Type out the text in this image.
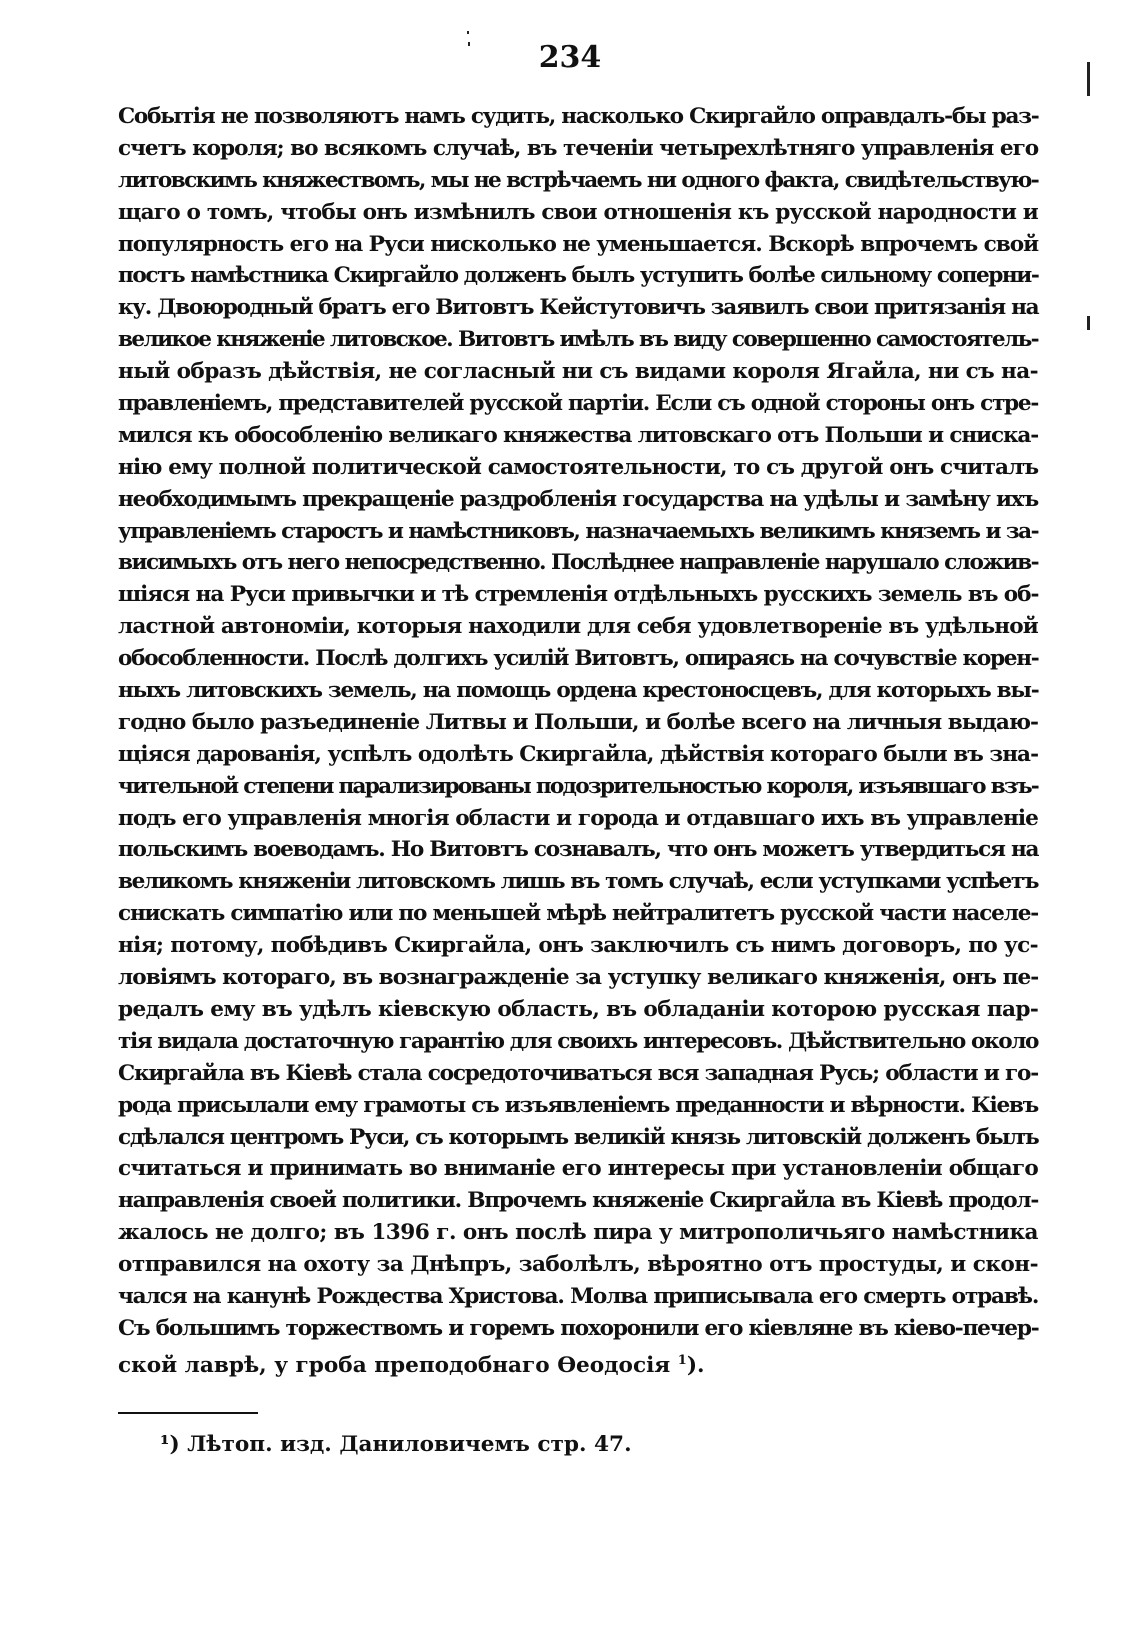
234
Событія не позволяютъ намъ судить, насколько Скиргайло оправдалъ-бы раз-
счетъ короля; во всякомъ случаѣ, въ теченіи четырехлѣтняго управленія его
литовскимъ княжествомъ, мы не встрѣчаемъ ни одного факта, свидѣтельствую-
щаго о томъ, чтобы онъ измѣнилъ свои отношенія къ русской народности и
популярность его на Руси нисколько не уменьшается. Вскорѣ впрочемъ свой
постъ намѣстника Скиргайло долженъ былъ уступить болѣе сильному соперни-
ку. Двоюродный братъ его Витовтъ Кейстутовичъ заявилъ свои притязанія на
великое княженіе литовское. Витовтъ имѣлъ въ виду совершенно самостоятель-
ный образъ дѣйствія, не согласный ни съ видами короля Ягайла, ни съ на-
правленіемъ, представителей русской партіи. Если съ одной стороны онъ стре-
мился къ обособленію великаго княжества литовскаго отъ Польши и сниска-
нію ему полной политической самостоятельности, то съ другой онъ считалъ
необходимымъ прекращеніе раздробленія государства на удѣлы и замѣну ихъ
управленіемъ старостъ и намѣстниковъ, назначаемыхъ великимъ княземъ и за-
висимыхъ отъ него непосредственно. Послѣднее направленіе нарушало сложив-
шіяся на Руси привычки и тѣ стремленія отдѣльныхъ русскихъ земель въ об-
ластной автономіи, которыя находили для себя удовлетвореніе въ удѣльной
обособленности. Послѣ долгихъ усилій Витовтъ, опираясь на сочувствіе корен-
ныхъ литовскихъ земель, на помощь ордена крестоносцевъ, для которыхъ вы-
годно было разъединеніе Литвы и Польши, и болѣе всего на личныя выдаю-
щіяся дарованія, успѣлъ одолѣть Скиргайла, дѣйствія котораго были въ зна-
чительной степени парализированы подозрительностью короля, изъявшаго взъ-
подъ его управленія многія области и города и отдавшаго ихъ въ управленіе
польскимъ воеводамъ. Но Витовтъ сознавалъ, что онъ можетъ утвердиться на
великомъ княженіи литовскомъ лишь въ томъ случаѣ, если уступками успѣетъ
снискать симпатію или по меньшей мѣрѣ нейтралитетъ русской части населе-
нія; потому, побѣдивъ Скиргайла, онъ заключилъ съ нимъ договоръ, по ус-
ловіямъ котораго, въ вознагражденіе за уступку великаго княженія, онъ пе-
редалъ ему въ удѣлъ кіевскую область, въ обладаніи которою русская пар-
тія видала достаточную гарантію для своихъ интересовъ. Дѣйствительно около
Скиргайла въ Кіевѣ стала сосредоточиваться вся западная Русь; области и го-
рода присылали ему грамоты съ изъявленіемъ преданности и вѣрности. Кіевъ
сдѣлался центромъ Руси, съ которымъ великій князь литовскій долженъ былъ
считаться и принимать во вниманіе его интересы при установленіи общаго
направленія своей политики. Впрочемъ княженіе Скиргайла въ Кіевѣ продол-
жалось не долго; въ 1396 г. онъ послѣ пира у митрополичьяго намѣстника
отправился на охоту за Днѣпръ, заболѣлъ, вѣроятно отъ простуды, и скон-
чался на канунѣ Рождества Христова. Молва приписывала его смерть отравѣ.
Съ большимъ торжествомъ и горемъ похоронили его кіевляне въ кіево-печер-
ской лаврѣ, у гроба преподобнаго Ѳеодосія $^1$).
¹) Лѣтоп. изд. Даниловичемъ стр. 47.
